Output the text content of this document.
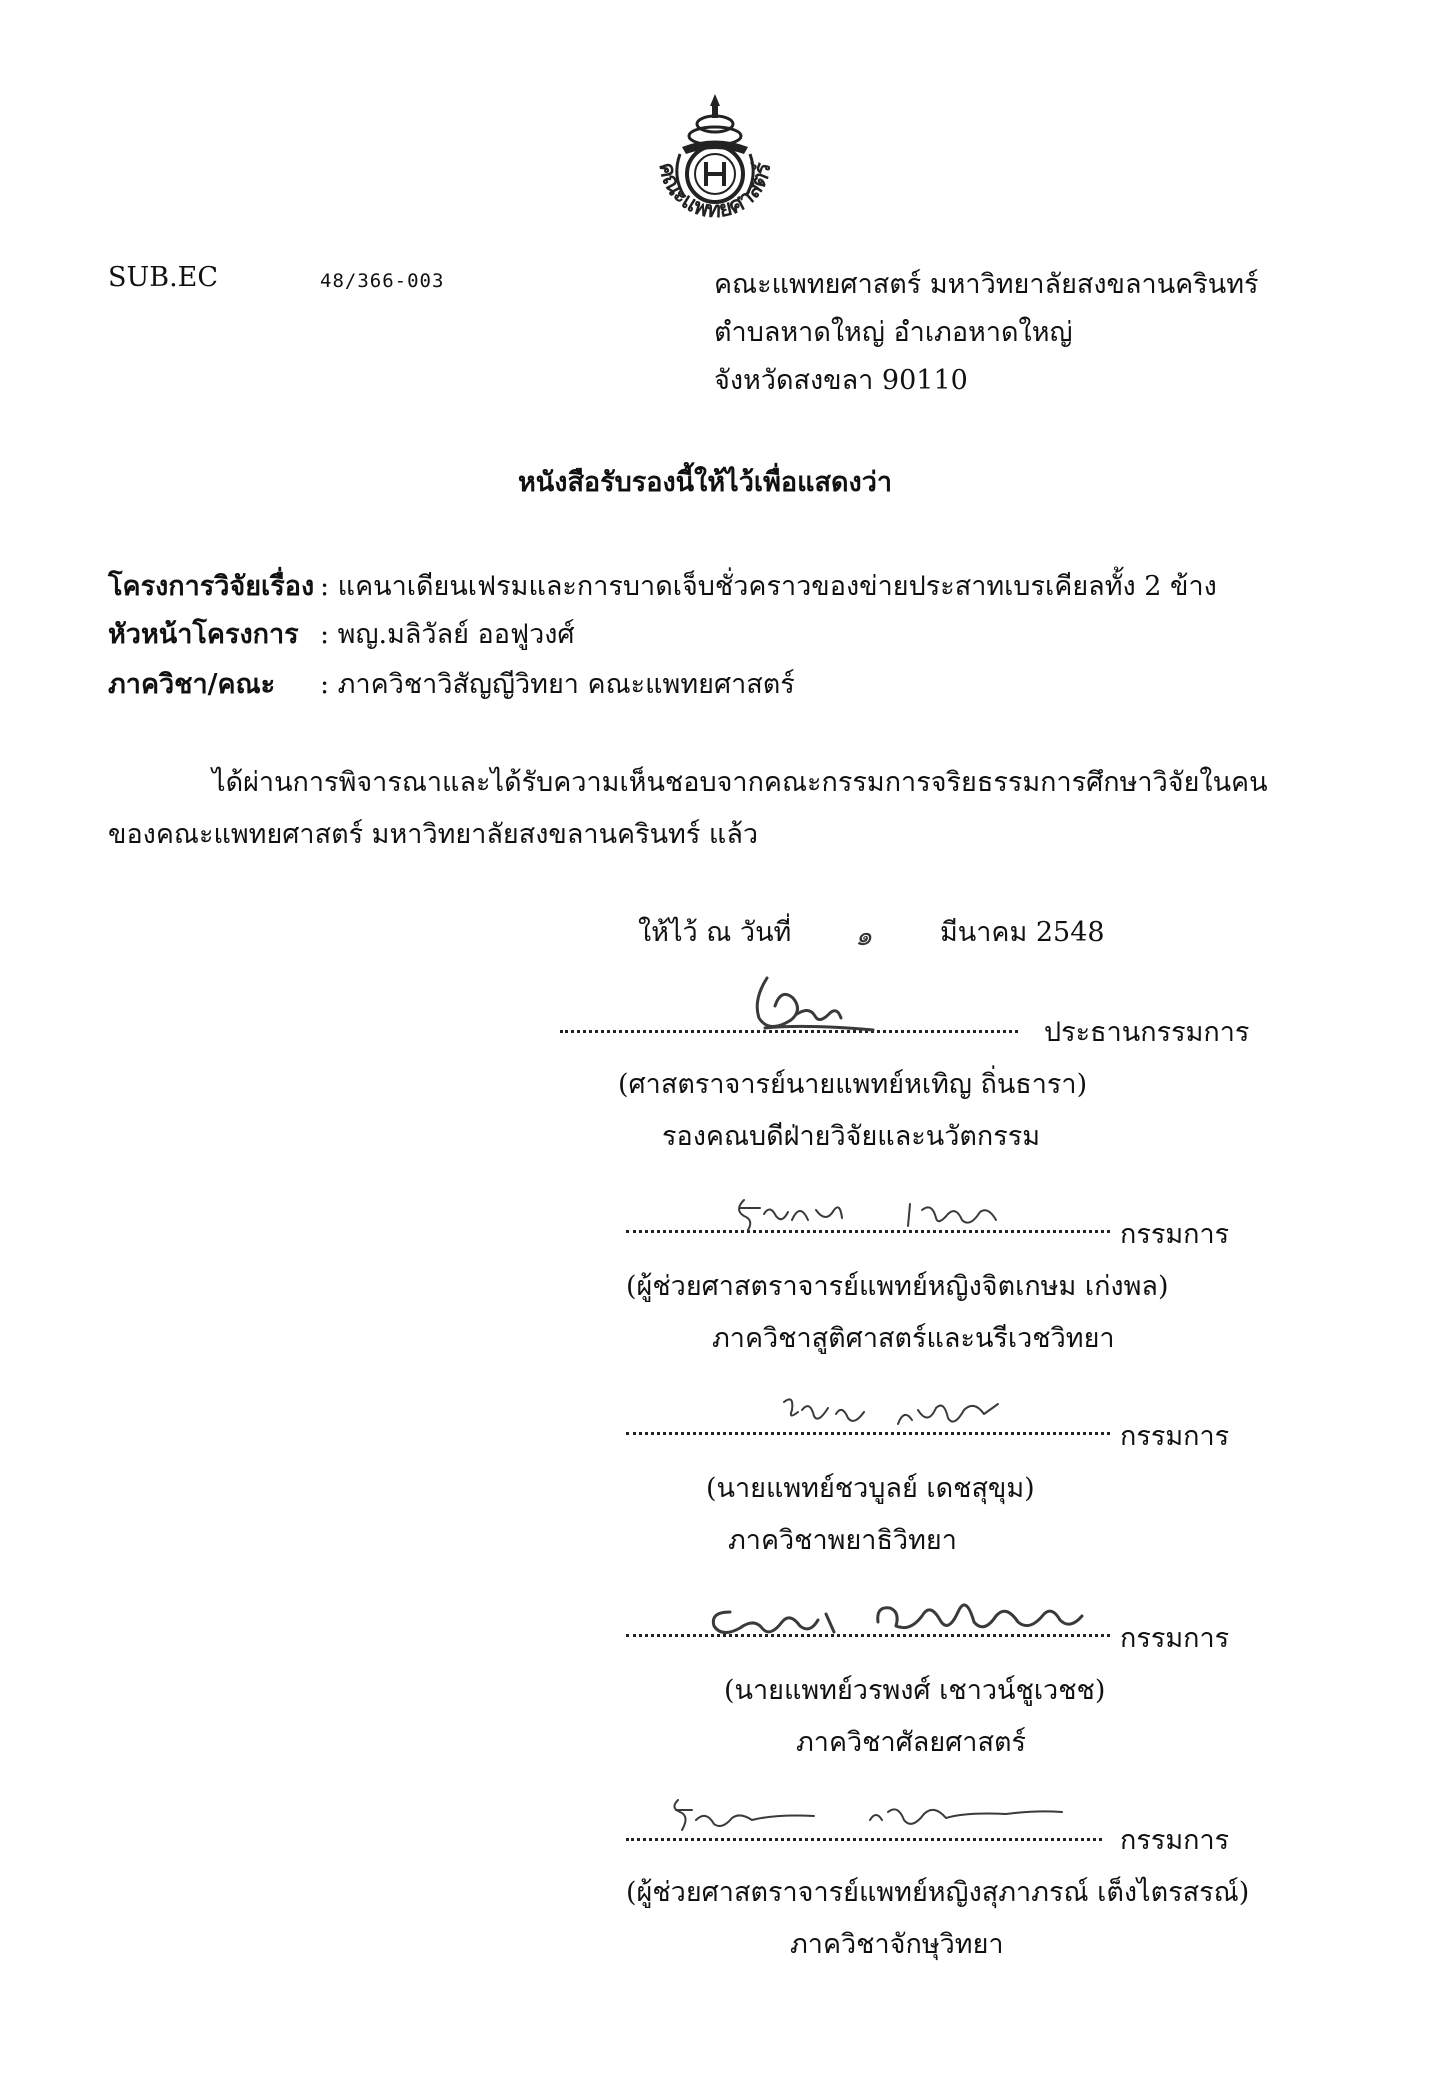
คณะแพทยศาสตร์
SUB.EC	48/366-003	คณะแพทยศาสตร์ มหาวิทยาลัยสงขลานครินทร์
ตำบลหาดใหญ่ อำเภอหาดใหญ่
จังหวัดสงขลา 90110
หนังสือรับรองนี้ให้ไว้เพื่อแสดงว่า
โครงการวิจัยเรื่อง : แคนาเดียนเฟรมและการบาดเจ็บชั่วคราวของข่ายประสาทเบรเคียลทั้ง 2 ข้าง
หัวหน้าโครงการ : พญ.มลิวัลย์ ออฟูวงศ์
ภาควิชา/คณะ : ภาควิชาวิสัญญีวิทยา คณะแพทยศาสตร์
ได้ผ่านการพิจารณาและได้รับความเห็นชอบจากคณะกรรมการจริยธรรมการศึกษาวิจัยในคน
ของคณะแพทยศาสตร์ มหาวิทยาลัยสงขลานครินทร์ แล้ว
ให้ไว้ ณ วันที่ ๑	มีนาคม 2548
ประธานกรรมการ
(ศาสตราจารย์นายแพทย์หเทิญ ถิ่นธารา)
รองคณบดีฝ่ายวิจัยและนวัตกรรม
กรรมการ
(ผู้ช่วยศาสตราจารย์แพทย์หญิงจิตเกษม เก่งพล)
ภาควิชาสูติศาสตร์และนรีเวชวิทยา
กรรมการ
(นายแพทย์ชวบูลย์ เดชสุขุม)
ภาควิชาพยาธิวิทยา
กรรมการ
(นายแพทย์วรพงศ์ เชาวน์ชูเวชช)
ภาควิชาศัลยศาสตร์
กรรมการ
(ผู้ช่วยศาสตราจารย์แพทย์หญิงสุภาภรณ์ เต็งไตรสรณ์)
ภาควิชาจักษุวิทยา
